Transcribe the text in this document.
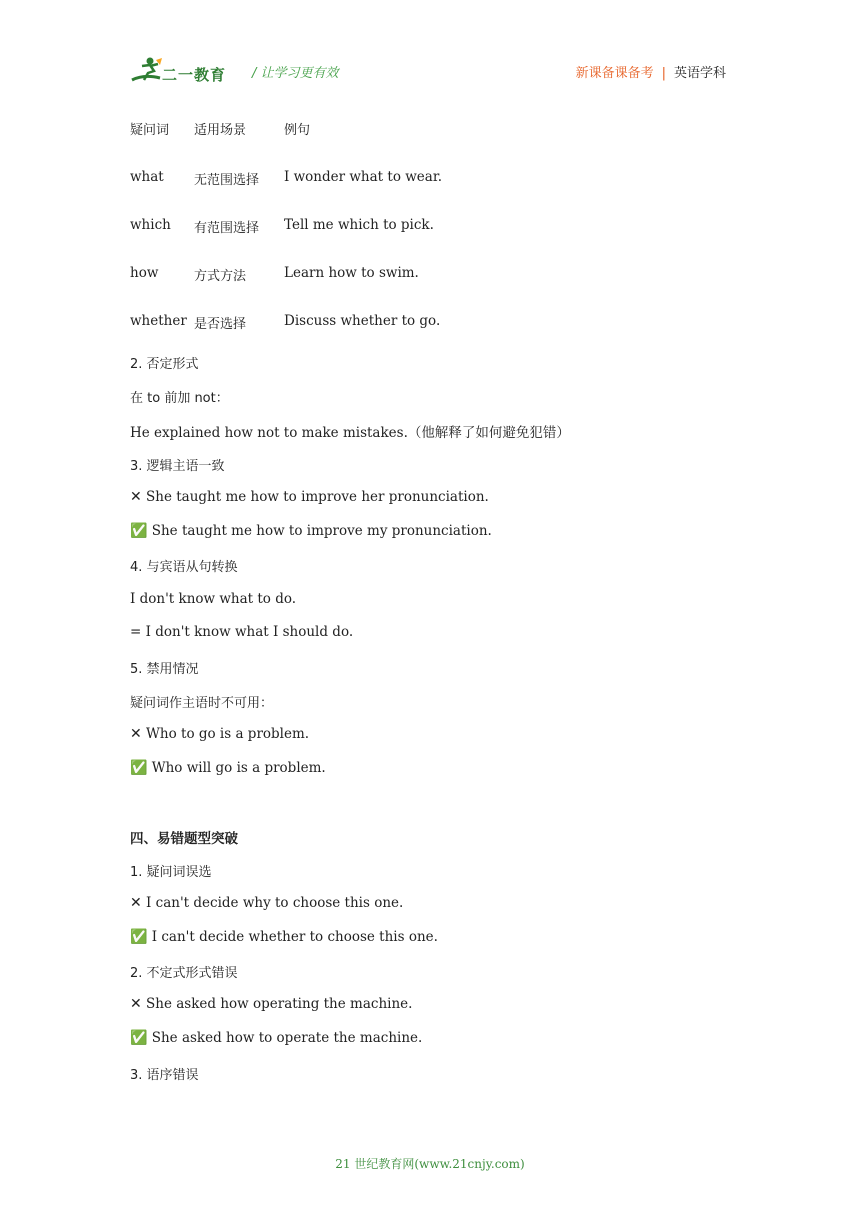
二一教育 / 让学习更有效	新课备课备考 | 英语学科
疑问词 适用场景	例句
what 无范围选择 I wonder what to wear.
which 有范围选择 Tell me which to pick.
how	方式方法	Learn how to swim.
whether 是否选择	Discuss whether to go.
2. 否定形式
在 to 前加 not：
He explained how not to make mistakes.（他解释了如何避免犯错）
3. 逻辑主语一致
✕ She taught me how to improve her pronunciation.
✅ She taught me how to improve my pronunciation.
4. 与宾语从句转换
I don't know what to do.
= I don't know what I should do.
5. 禁用情况
疑问词作主语时不可用：
✕ Who to go is a problem.
✅ Who will go is a problem.
四、易错题型突破
1. 疑问词误选
✕ I can't decide why to choose this one.
✅ I can't decide whether to choose this one.
2. 不定式形式错误
✕ She asked how operating the machine.
✅ She asked how to operate the machine.
3. 语序错误
21 世纪教育网(www.21cnjy.com)
